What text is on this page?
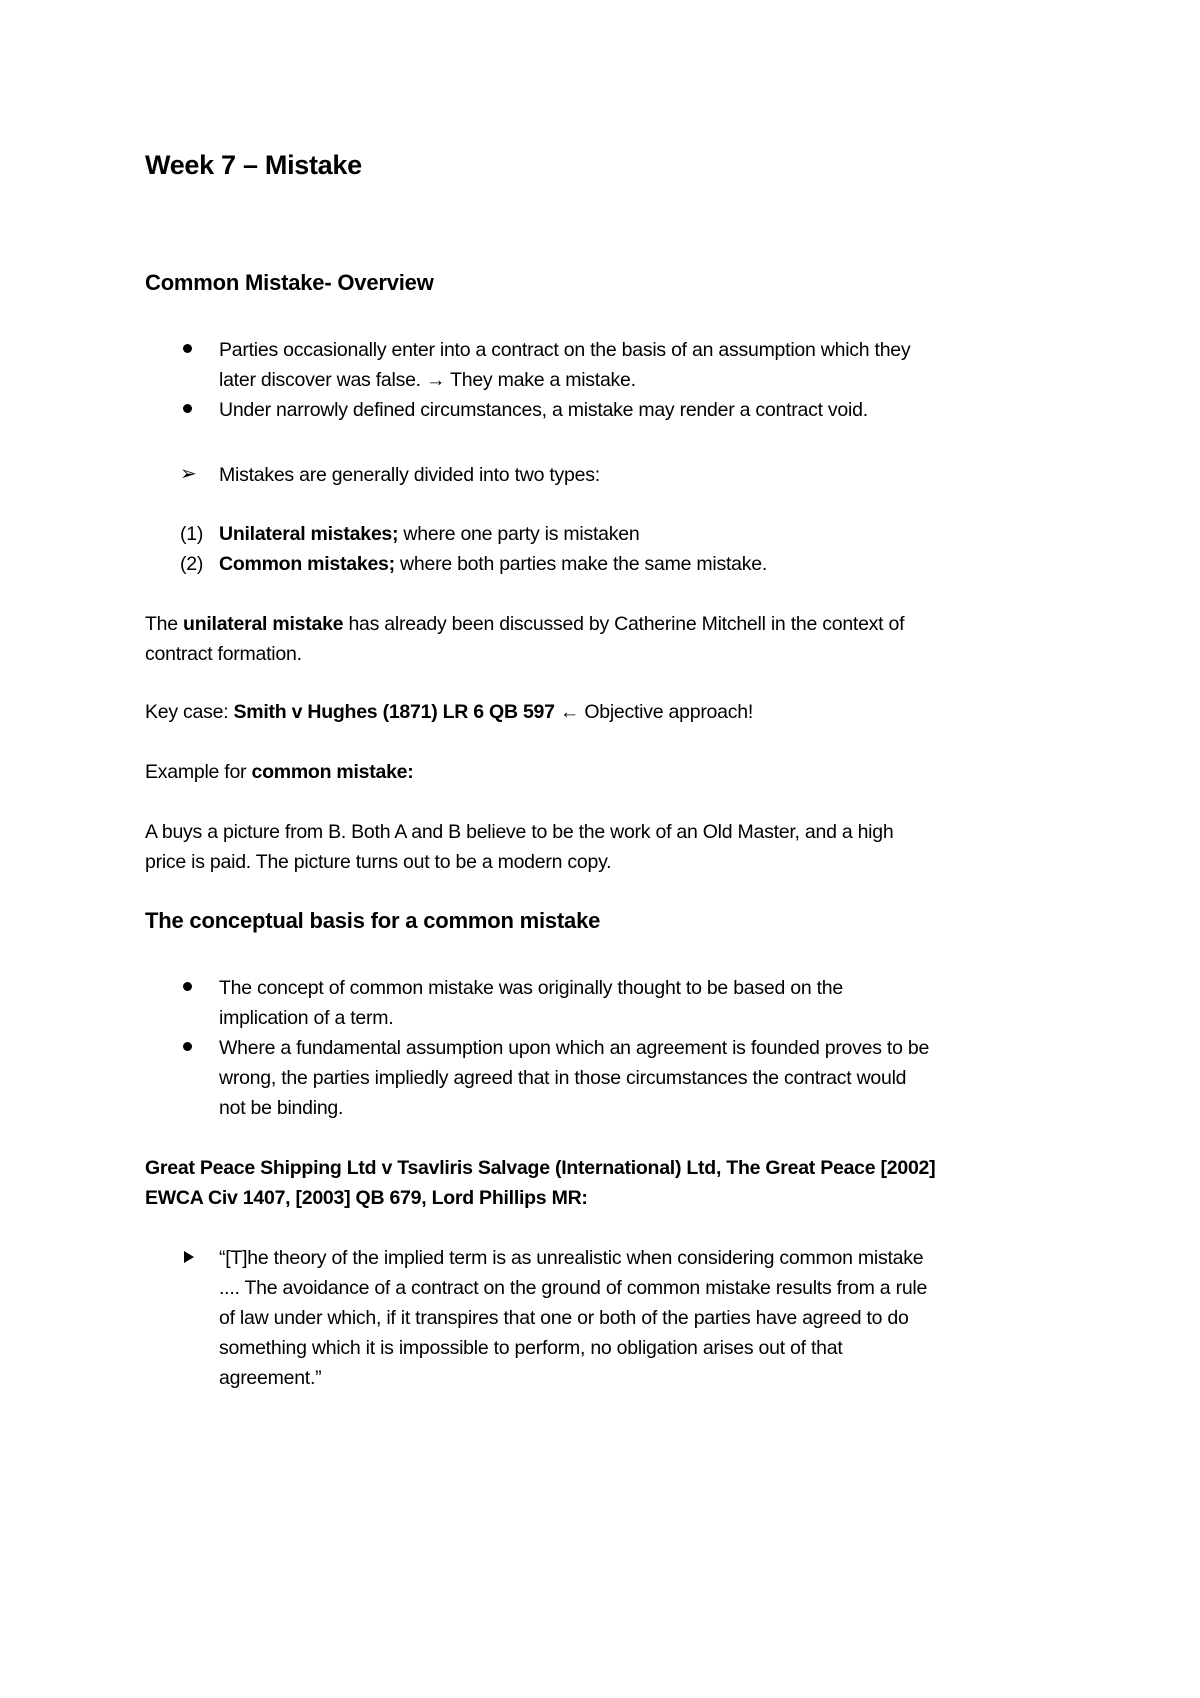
Week 7 – Mistake
Common Mistake- Overview
Parties occasionally enter into a contract on the basis of an assumption which they
later discover was false. → They make a mistake.
Under narrowly defined circumstances, a mistake may render a contract void.
➢ Mistakes are generally divided into two types:
(1) Unilateral mistakes; where one party is mistaken
(2) Common mistakes; where both parties make the same mistake.
The unilateral mistake has already been discussed by Catherine Mitchell in the context of
contract formation.
Key case: Smith v Hughes (1871) LR 6 QB 597 ← Objective approach!
Example for common mistake:
A buys a picture from B. Both A and B believe to be the work of an Old Master, and a high
price is paid. The picture turns out to be a modern copy.
The conceptual basis for a common mistake
The concept of common mistake was originally thought to be based on the
implication of a term.
Where a fundamental assumption upon which an agreement is founded proves to be
wrong, the parties impliedly agreed that in those circumstances the contract would
not be binding.
Great Peace Shipping Ltd v Tsavliris Salvage (International) Ltd, The Great Peace [2002]
EWCA Civ 1407, [2003] QB 679, Lord Phillips MR:
“[T]he theory of the implied term is as unrealistic when considering common mistake
.... The avoidance of a contract on the ground of common mistake results from a rule
of law under which, if it transpires that one or both of the parties have agreed to do
something which it is impossible to perform, no obligation arises out of that
agreement.”
